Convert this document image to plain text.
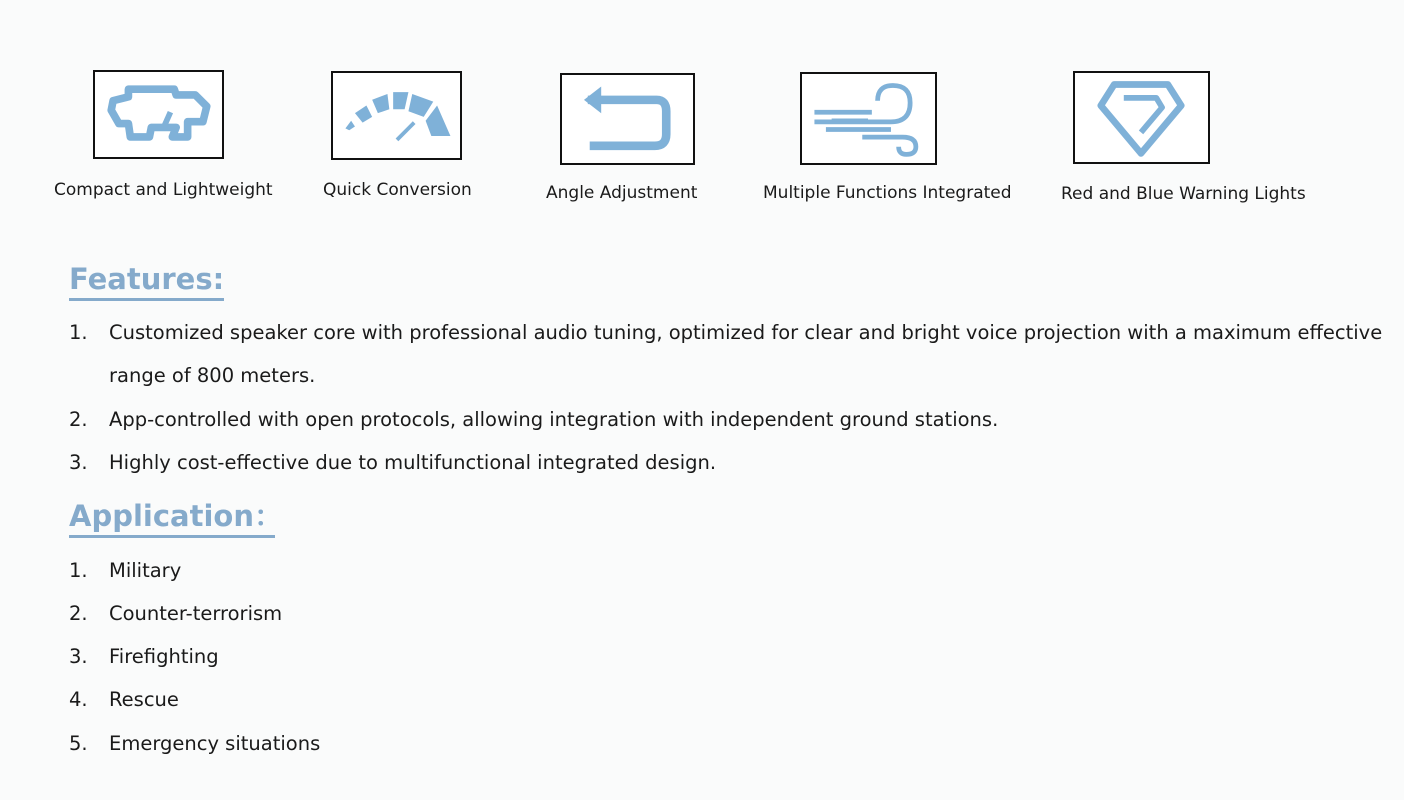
Compact and Lightweight	Quick Conversion	Angle Adjustment	Multiple Functions Integrated	Red and Blue Warning Lights
Features:
1. Customized speaker core with professional audio tuning, optimized for clear and bright voice projection with a maximum effective range of 800 meters.
2. App-controlled with open protocols, allowing integration with independent ground stations.
3. Highly cost-effective due to multifunctional integrated design.
Application：
1. Military
2. Counter-terrorism
3. Firefighting
4. Rescue
5. Emergency situations
